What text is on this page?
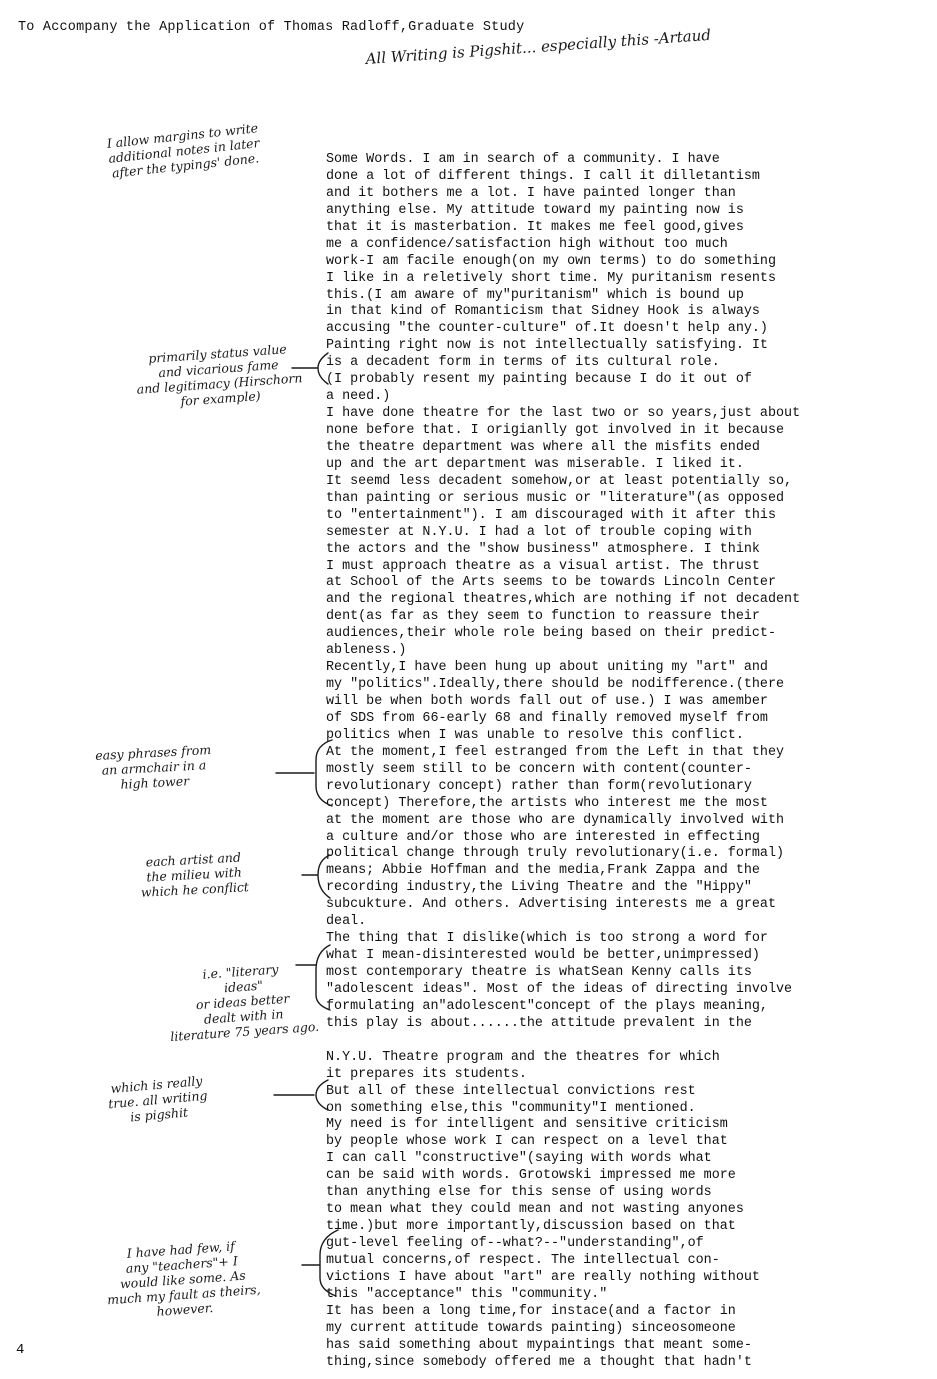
To Accompany the Application of Thomas Radloff,Graduate Study
All Writing is Pigshit... especially this -Artaud
Some Words. I am in search of a community. I have
done a lot of different things. I call it dilletantism
and it bothers me a lot. I have painted longer than
anything else. My attitude toward my painting now is
that it is masterbation. It makes me feel good,gives
me a confidence/satisfaction high without too much
work-I am facile enough(on my own terms) to do something
I like in a reletively short time. My puritanism resents
this.(I am aware of my"puritanism" which is bound up
in that kind of Romanticism that Sidney Hook is always
accusing "the counter-culture" of.It doesn't help any.)
Painting right now is not intellectually satisfying. It
is a decadent form in terms of its cultural role.
(I probably resent my painting because I do it out of
a need.)
I have done theatre for the last two or so years,just about
none before that. I origianlly got involved in it because
the theatre department was where all the misfits ended
up and the art department was miserable. I liked it.
It seemd less decadent somehow,or at least potentially so,
than painting or serious music or "literature"(as opposed
to "entertainment"). I am discouraged with it after this
semester at N.Y.U. I had a lot of trouble coping with
the actors and the "show business" atmosphere. I think
I must approach theatre as a visual artist. The thrust
at School of the Arts seems to be towards Lincoln Center
and the regional theatres,which are nothing if not decadent
dent(as far as they seem to function to reassure their
audiences,their whole role being based on their predict-
ableness.)
Recently,I have been hung up about uniting my "art" and
my "politics".Ideally,there should be nodifference.(there
will be when both words fall out of use.) I was amember
of SDS from 66-early 68 and finally removed myself from
politics when I was unable to resolve this conflict.
At the moment,I feel estranged from the Left in that they
mostly seem still to be concern with content(counter-
revolutionary concept) rather than form(revolutionary
concept) Therefore,the artists who interest me the most
at the moment are those who are dynamically involved with
a culture and/or those who are interested in effecting
political change through truly revolutionary(i.e. formal)
means; Abbie Hoffman and the media,Frank Zappa and the
recording industry,the Living Theatre and the "Hippy"
subcukture. And others. Advertising interests me a great
deal.
The thing that I dislike(which is too strong a word for
what I mean-disinterested would be better,unimpressed)
most contemporary theatre is whatSean Kenny calls its
"adolescent ideas". Most of the ideas of directing involve
formulating an"adolescent"concept of the plays meaning,
this play is about......the attitude prevalent in the
N.Y.U. Theatre program and the theatres for which
it prepares its students.
But all of these intellectual convictions rest
on something else,this "community"I mentioned.
My need is for intelligent and sensitive criticism
by people whose work I can respect on a level that
I can call "constructive"(saying with words what
can be said with words. Grotowski impressed me more
than anything else for this sense of using words
to mean what they could mean and not wasting anyones
time.)but more importantly,discussion based on that
gut-level feeling of--what?--"understanding",of
mutual concerns,of respect. The intellectual con-
victions I have about "art" are really nothing without
this "acceptance" this "community."
It has been a long time,for instace(and a factor in
my current attitude towards painting) sinceosomeone
has said something about mypaintings that meant some-
thing,since somebody offered me a thought that hadn't
I allow margins to write
additional notes in later
after the typings' done.
primarily status value
and vicarious fame
and legitimacy (Hirschorn
for example)
easy phrases from
an armchair in a
high tower
each artist and
the milieu with
which he conflict
i.e. "literary
ideas"
or ideas better
dealt with in
literature 75 years ago.
which is really
true. all writing
is pigshit
I have had few, if
any "teachers"+ I
would like some. As
much my fault as theirs,
however.
4
